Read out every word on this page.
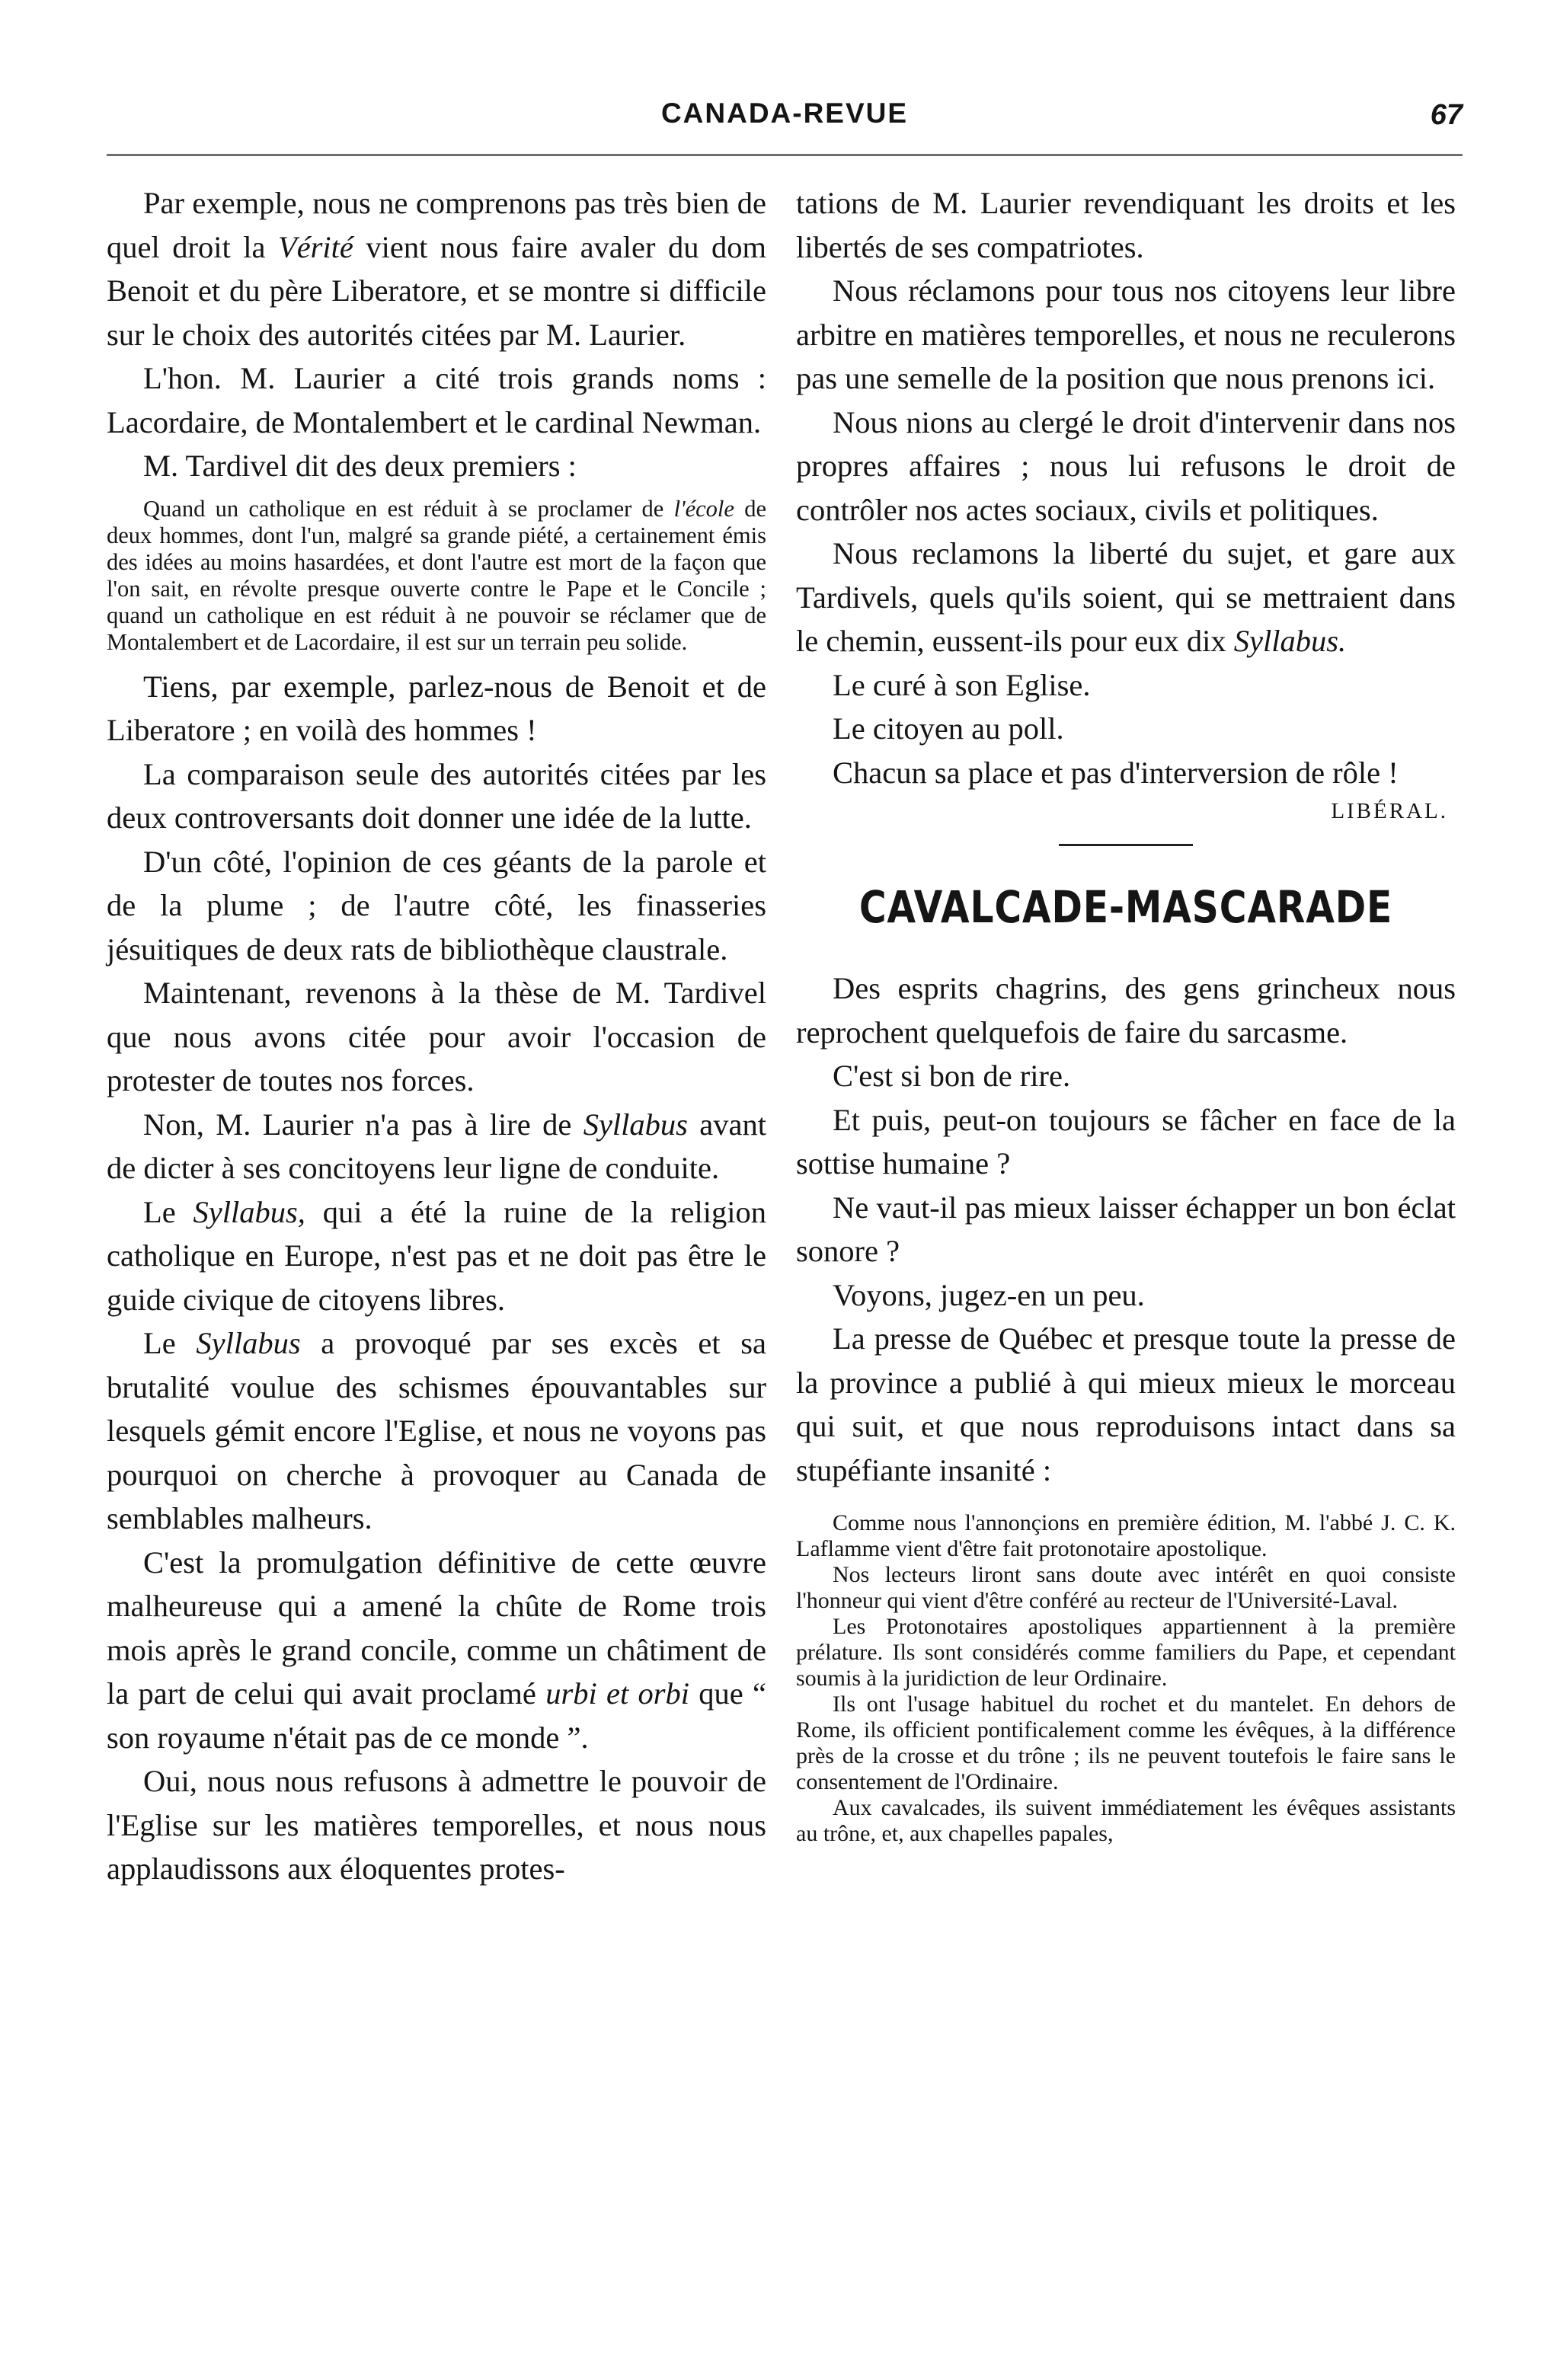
CANADA-REVUE	67

Par exemple, nous ne comprenons pas très bien de quel droit la Vérité vient nous faire avaler du dom Benoit et du père Liberatore, et se montre si difficile sur le choix des autorités citées par M. Laurier.

L'hon. M. Laurier a cité trois grands noms : Lacordaire, de Montalembert et le cardinal Newman.

M. Tardivel dit des deux premiers :

Quand un catholique en est réduit à se proclamer de l'école de deux hommes, dont l'un, malgré sa grande piété, a certainement émis des idées au moins hasardées, et dont l'autre est mort de la façon que l'on sait, en révolte presque ouverte contre le Pape et le Concile ; quand un catholique en est réduit à ne pouvoir se réclamer que de Montalembert et de Lacordaire, il est sur un terrain peu solide.

Tiens, par exemple, parlez-nous de Benoit et de Liberatore ; en voilà des hommes !

La comparaison seule des autorités citées par les deux controversants doit donner une idée de la lutte.

D'un côté, l'opinion de ces géants de la parole et de la plume ; de l'autre côté, les finasseries jésuitiques de deux rats de bibliothèque claustrale.

Maintenant, revenons à la thèse de M. Tardivel que nous avons citée pour avoir l'occasion de protester de toutes nos forces.

Non, M. Laurier n'a pas à lire de Syllabus avant de dicter à ses concitoyens leur ligne de conduite.

Le Syllabus, qui a été la ruine de la religion catholique en Europe, n'est pas et ne doit pas être le guide civique de citoyens libres.

Le Syllabus a provoqué par ses excès et sa brutalité voulue des schismes épouvantables sur lesquels gémit encore l'Eglise, et nous ne voyons pas pourquoi on cherche à provoquer au Canada de semblables malheurs.

C'est la promulgation définitive de cette œuvre malheureuse qui a amené la chûte de Rome trois mois après le grand concile, comme un châtiment de la part de celui qui avait proclamé urbi et orbi que “ son royaume n'était pas de ce monde ”.

Oui, nous nous refusons à admettre le pouvoir de l'Eglise sur les matières temporelles, et nous nous applaudissons aux éloquentes protes-

tations de M. Laurier revendiquant les droits et les libertés de ses compatriotes.

Nous réclamons pour tous nos citoyens leur libre arbitre en matières temporelles, et nous ne reculerons pas une semelle de la position que nous prenons ici.

Nous nions au clergé le droit d'intervenir dans nos propres affaires ; nous lui refusons le droit de contrôler nos actes sociaux, civils et politiques.

Nous reclamons la liberté du sujet, et gare aux Tardivels, quels qu'ils soient, qui se mettraient dans le chemin, eussent-ils pour eux dix Syllabus.

Le curé à son Eglise.

Le citoyen au poll.

Chacun sa place et pas d'interversion de rôle !

LIBÉRAL.
CAVALCADE-MASCARADE

Des esprits chagrins, des gens grincheux nous reprochent quelquefois de faire du sarcasme.

C'est si bon de rire.

Et puis, peut-on toujours se fâcher en face de la sottise humaine ?

Ne vaut-il pas mieux laisser échapper un bon éclat sonore ?

Voyons, jugez-en un peu.

La presse de Québec et presque toute la presse de la province a publié à qui mieux mieux le morceau qui suit, et que nous reproduisons intact dans sa stupéfiante insanité :

Comme nous l'annonçions en première édition, M. l'abbé J. C. K. Laflamme vient d'être fait protonotaire apostolique.

Nos lecteurs liront sans doute avec intérêt en quoi consiste l'honneur qui vient d'être conféré au recteur de l'Université-Laval.

Les Protonotaires apostoliques appartiennent à la première prélature. Ils sont considérés comme familiers du Pape, et cependant soumis à la juridiction de leur Ordinaire.

Ils ont l'usage habituel du rochet et du mantelet. En dehors de Rome, ils officient pontificalement comme les évêques, à la différence près de la crosse et du trône ; ils ne peuvent toutefois le faire sans le consentement de l'Ordinaire.

Aux cavalcades, ils suivent immédiatement les évêques assistants au trône, et, aux chapelles papales,
